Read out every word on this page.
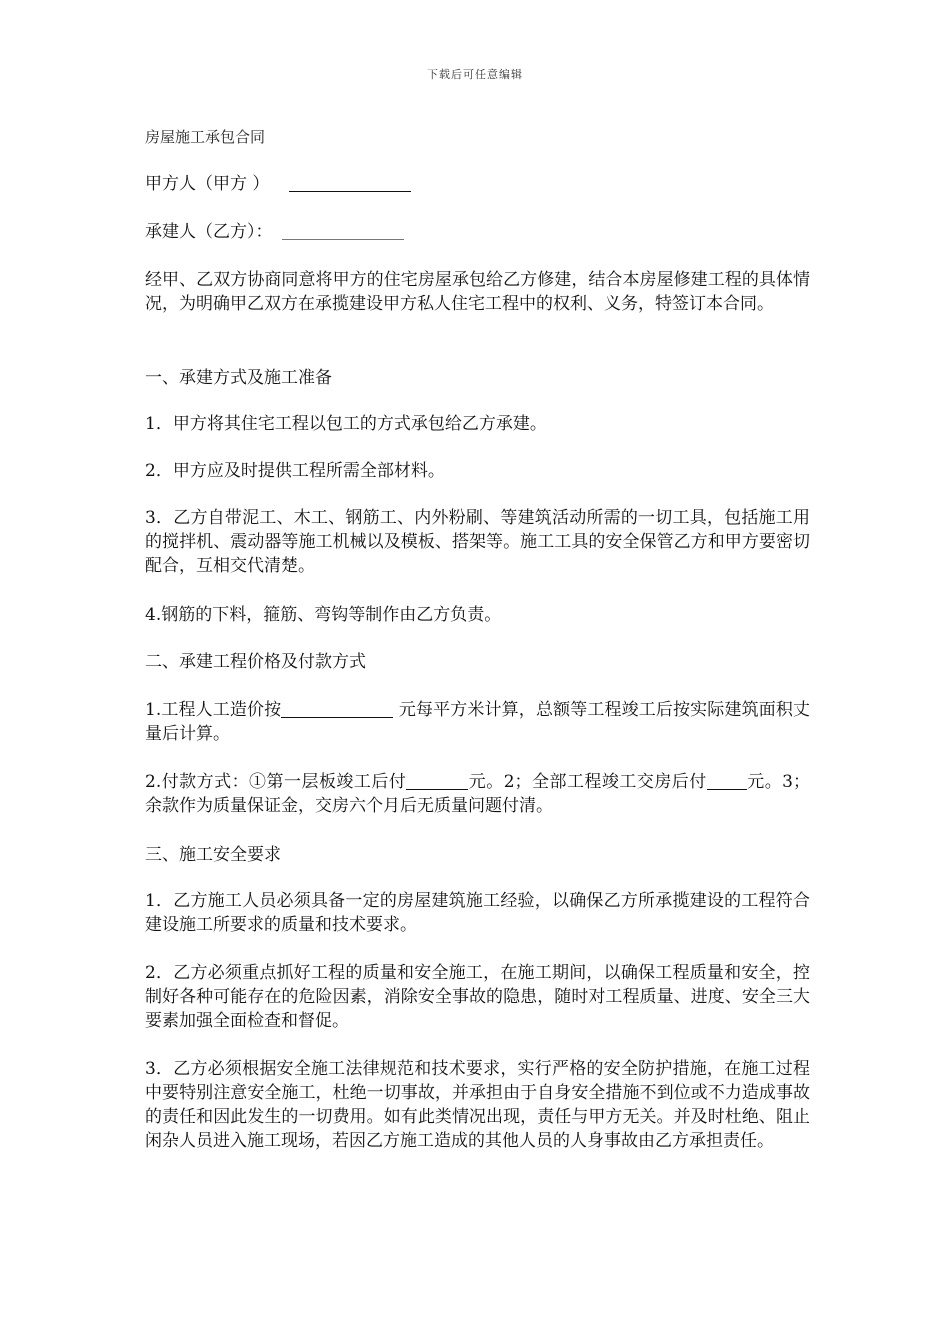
下载后可任意编辑
房屋施工承包合同
甲方人（甲方 ）
承建人（乙方）：

经甲、乙双方协商同意将甲方的住宅房屋承包给乙方修建，结合本房屋修建工程的具体情况，为明确甲乙双方在承揽建设甲方私人住宅工程中的权利、义务，特签订本合同。

一、承建方式及施工准备

1．甲方将其住宅工程以包工的方式承包给乙方承建。

2．甲方应及时提供工程所需全部材料。

3．乙方自带泥工、木工、钢筋工、内外粉刷、等建筑活动所需的一切工具，包括施工用的搅拌机、震动器等施工机械以及模板、搭架等。施工工具的安全保管乙方和甲方要密切配合，互相交代清楚。

4.钢筋的下料，箍筋、弯钩等制作由乙方负责。

二、承建工程价格及付款方式

1.工程人工造价按	元每平方米计算，总额等工程竣工后按实际建筑面积丈量后计算。

2.付款方式：①第一层板竣工后付	元。2；全部工程竣工交房后付 元。3；余款作为质量保证金，交房六个月后无质量问题付清。

三、施工安全要求

1．乙方施工人员必须具备一定的房屋建筑施工经验，以确保乙方所承揽建设的工程符合建设施工所要求的质量和技术要求。

2．乙方必须重点抓好工程的质量和安全施工，在施工期间，以确保工程质量和安全，控制好各种可能存在的危险因素，消除安全事故的隐患，随时对工程质量、进度、安全三大要素加强全面检查和督促。

3．乙方必须根据安全施工法律规范和技术要求，实行严格的安全防护措施，在施工过程中要特别注意安全施工，杜绝一切事故，并承担由于自身安全措施不到位或不力造成事故的责任和因此发生的一切费用。如有此类情况出现，责任与甲方无关。并及时杜绝、阻止闲杂人员进入施工现场，若因乙方施工造成的其他人员的人身事故由乙方承担责任。
